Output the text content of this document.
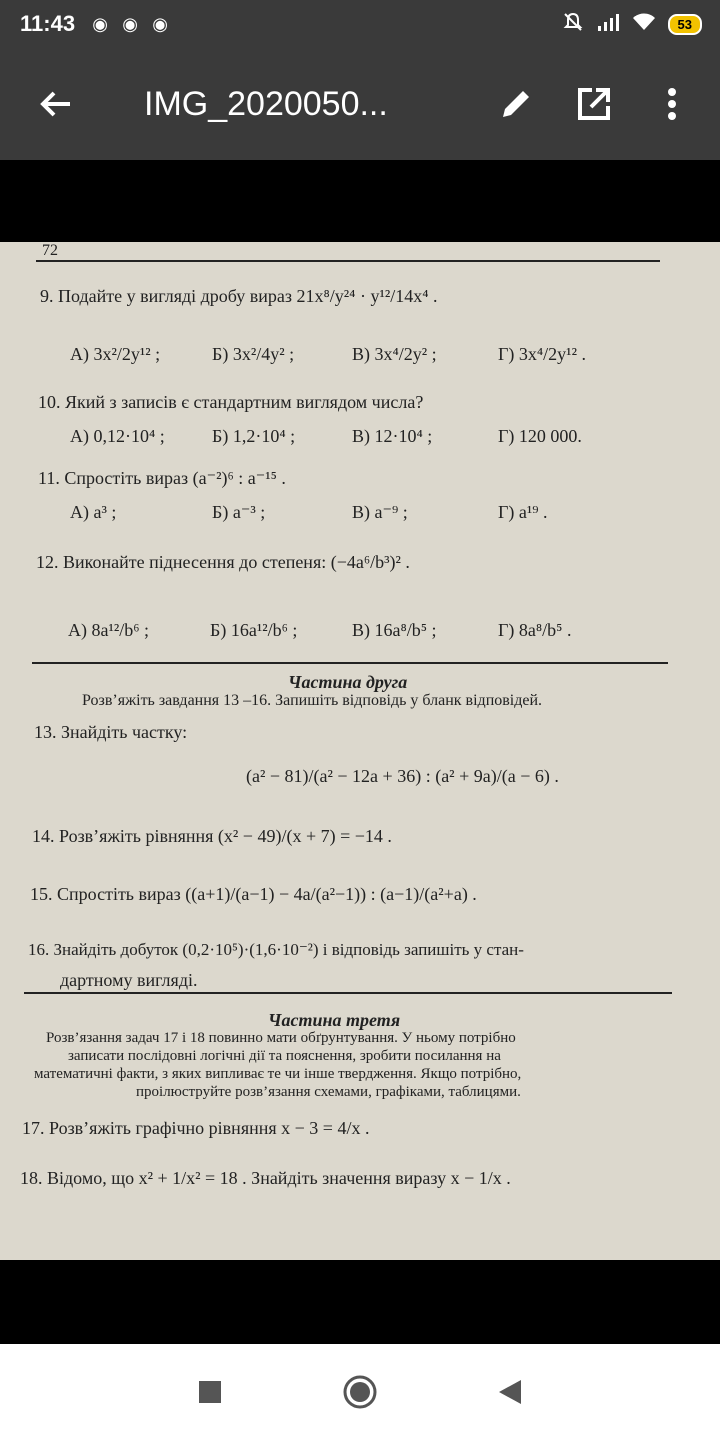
11:43 ◉ ◉ ◉	53
IMG_2020050...
72
9. Подайте у вигляді дробу вираз 21x⁸/y²⁴ · y¹²/14x⁴ .
А) 3x²/2y¹² ;	Б) 3x²/4y² ;	В) 3x⁴/2y² ;	Г) 3x⁴/2y¹² .
10. Який з записів є стандартним виглядом числа?
А) 0,12·10⁴ ;	Б) 1,2·10⁴ ;	В) 12·10⁴ ;	Г) 120 000.
11. Спростіть вираз (a⁻²)⁶ : a⁻¹⁵ .
А) a³ ;	Б) a⁻³ ;	В) a⁻⁹ ;	Г) a¹⁹ .
12. Виконайте піднесення до степеня: (−4a⁶/b³)² .
А) 8a¹²/b⁶ ;	Б) 16a¹²/b⁶ ;	В) 16a⁸/b⁵ ;	Г) 8a⁸/b⁵ .
Частина друга
Розв’яжіть завдання 13 –16. Запишіть відповідь у бланк відповідей.
13. Знайдіть частку:
(a² − 81)/(a² − 12a + 36) : (a² + 9a)/(a − 6) .
14. Розв’яжіть рівняння (x² − 49)/(x + 7) = −14 .
15. Спростіть вираз ((a+1)/(a−1) − 4a/(a²−1)) : (a−1)/(a²+a) .
16. Знайдіть добуток (0,2·10⁵)·(1,6·10⁻²) і відповідь запишіть у стан-
дартному вигляді.
Частина третя
Розв’язання задач 17 і 18 повинно мати обґрунтування. У ньому потрібно
записати послідовні логічні дії та пояснення, зробити посилання на
математичні факти, з яких випливає те чи інше твердження. Якщо потрібно,
проілюструйте розв’язання схемами, графіками, таблицями.
17. Розв’яжіть графічно рівняння x − 3 = 4/x .
18. Відомо, що x² + 1/x² = 18 . Знайдіть значення виразу x − 1/x .
